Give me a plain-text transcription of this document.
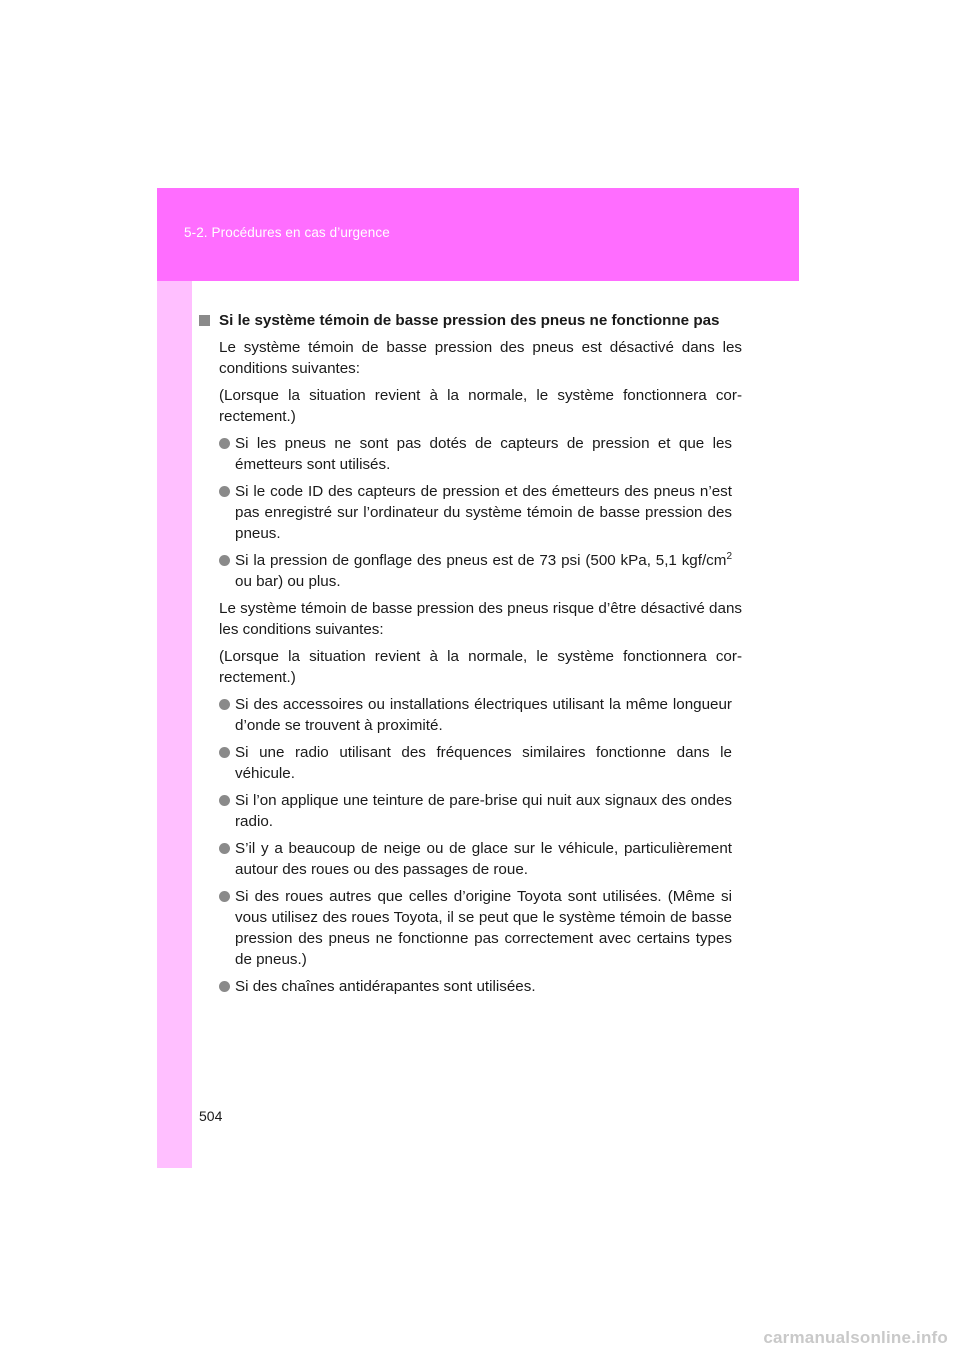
5-2. Procédures en cas d’urgence
Si le système témoin de basse pression des pneus ne fonctionne pas
Le système témoin de basse pression des pneus est désactivé dans les conditions suivantes:
(Lorsque la situation revient à la normale, le système fonctionnera correctement.)
Si les pneus ne sont pas dotés de capteurs de pression et que les émetteurs sont utilisés.
Si le code ID des capteurs de pression et des émetteurs des pneus n’est pas enregistré sur l’ordinateur du système témoin de basse pression des pneus.
Si la pression de gonflage des pneus est de 73 psi (500 kPa, 5,1 kgf/$cm^2$ ou bar) ou plus.
Le système témoin de basse pression des pneus risque d’être désactivé dans les conditions suivantes:
(Lorsque la situation revient à la normale, le système fonctionnera correctement.)
Si des accessoires ou installations électriques utilisant la même longueur d’onde se trouvent à proximité.
Si une radio utilisant des fréquences similaires fonctionne dans le véhicule.
Si l’on applique une teinture de pare-brise qui nuit aux signaux des ondes radio.
S’il y a beaucoup de neige ou de glace sur le véhicule, particulièrement autour des roues ou des passages de roue.
Si des roues autres que celles d’origine Toyota sont utilisées. (Même si vous utilisez des roues Toyota, il se peut que le système témoin de basse pression des pneus ne fonctionne pas correctement avec certains types de pneus.)
Si des chaînes antidérapantes sont utilisées.
504
carmanualsonline.info
